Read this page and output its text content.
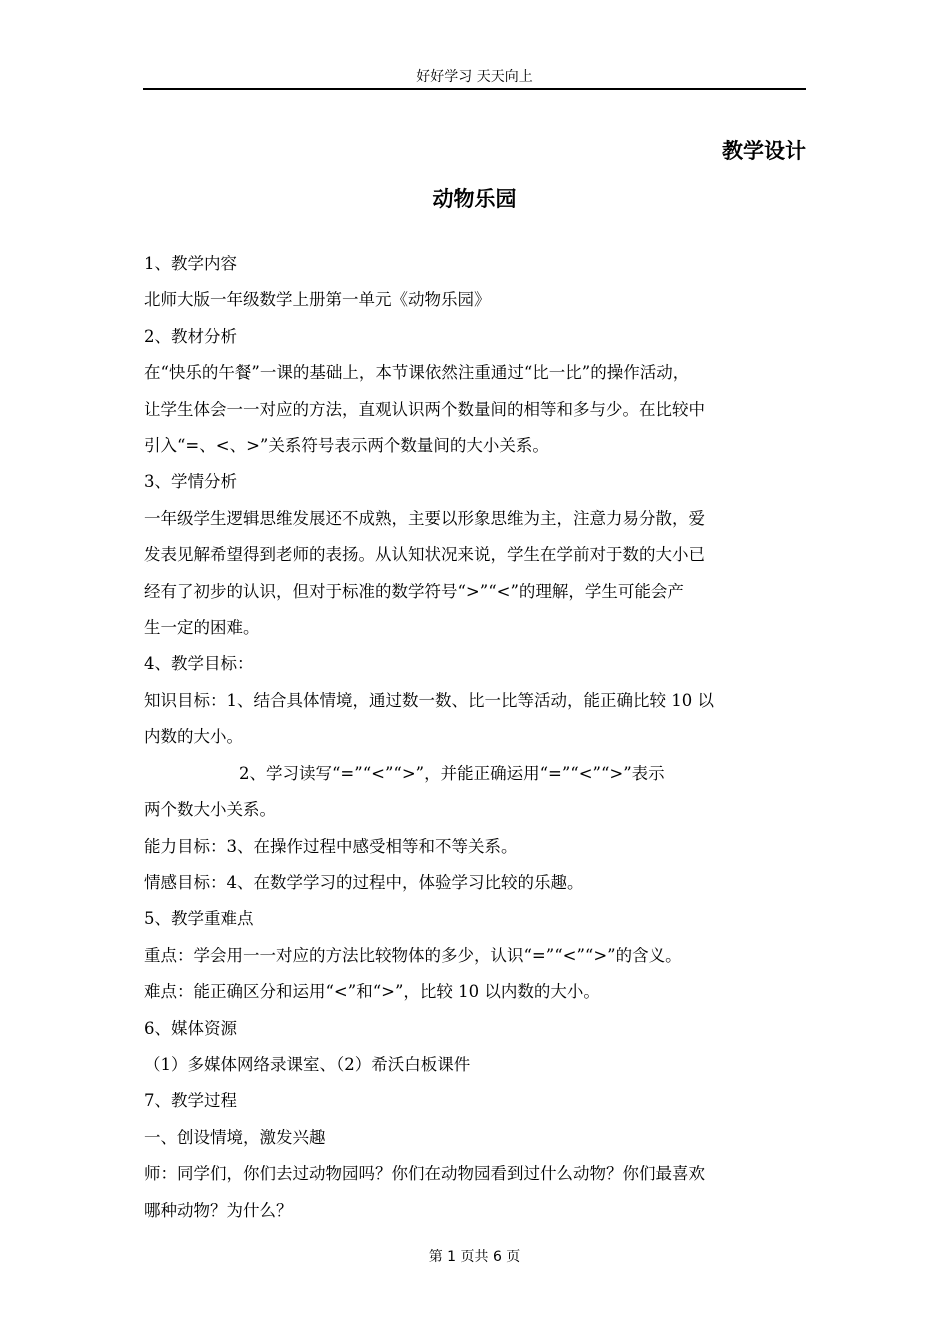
好好学习 天天向上
教学设计
动物乐园

1、教学内容

北师大版一年级数学上册第一单元《动物乐园》

2、教材分析

在“快乐的午餐”一课的基础上，本节课依然注重通过“比一比”的操作活动，

让学生体会一一对应的方法，直观认识两个数量间的相等和多与少。在比较中

引入“=、<、>”关系符号表示两个数量间的大小关系。

3、学情分析

一年级学生逻辑思维发展还不成熟，主要以形象思维为主，注意力易分散，爱

发表见解希望得到老师的表扬。从认知状况来说，学生在学前对于数的大小已

经有了初步的认识，但对于标准的数学符号“>”“<”的理解，学生可能会产

生一定的困难。

4、教学目标：

知识目标：1、结合具体情境，通过数一数、比一比等活动，能正确比较 10 以

内数的大小。

2、学习读写“=”“<”“>”，并能正确运用“=”“<”“>”表示

两个数大小关系。

能力目标：3、在操作过程中感受相等和不等关系。

情感目标：4、在数学学习的过程中，体验学习比较的乐趣。

5、教学重难点

重点：学会用一一对应的方法比较物体的多少，认识“=”“<”“>”的含义。

难点：能正确区分和运用“<”和“>”，比较 10 以内数的大小。

6、媒体资源

（1）多媒体网络录课室、（2）希沃白板课件

7、教学过程

一、创设情境，激发兴趣

师：同学们，你们去过动物园吗？你们在动物园看到过什么动物？你们最喜欢

哪种动物？为什么？

第 1 页共 6 页
